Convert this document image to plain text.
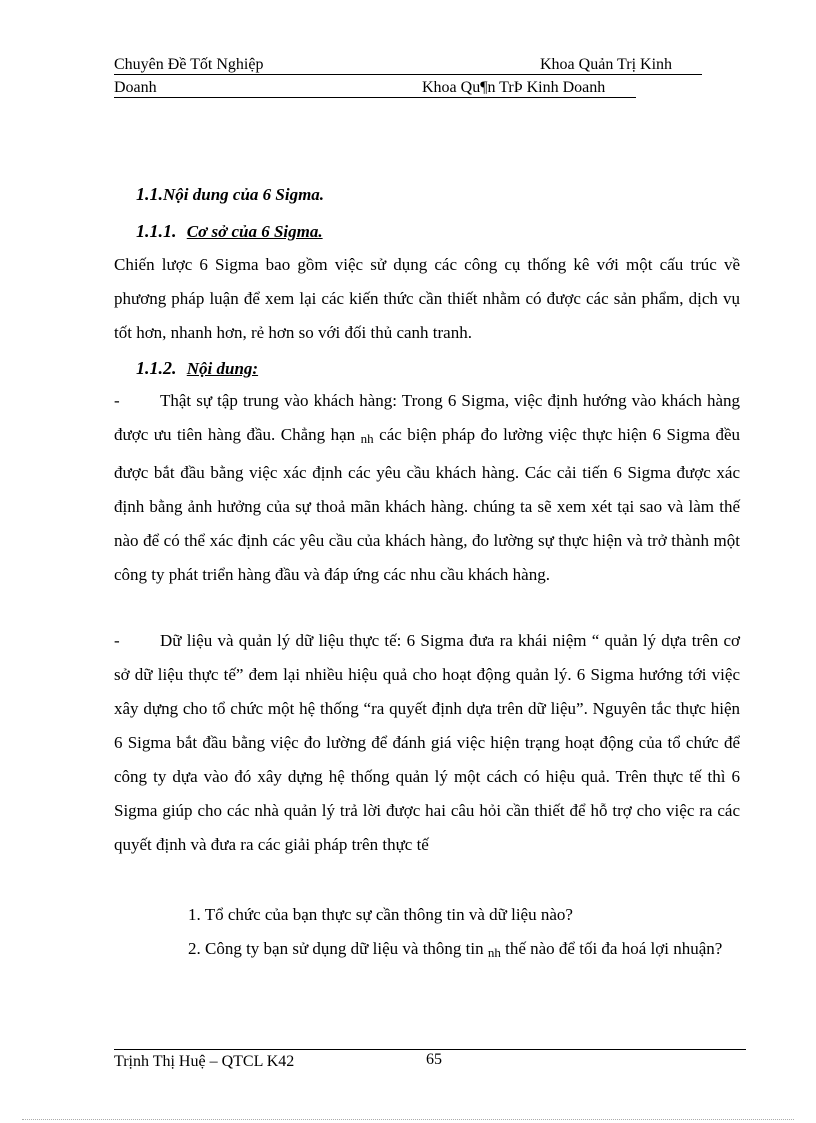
Chuyên Đề Tốt Nghiệp	Khoa Quản Trị Kinh
Doanh	Khoa Qu¶n TrÞ Kinh Doanh
1.1.Nội dung của 6 Sigma.
1.1.1. Cơ sở của 6 Sigma.
Chiến lược 6 Sigma bao gồm việc sử dụng các công cụ thống kê với một cấu trúc về phương pháp luận để xem lại các kiến thức cần thiết nhằm có được các sản phẩm, dịch vụ tốt hơn, nhanh hơn, rẻ hơn so với đối thủ canh tranh.
1.1.2. Nội dung:
- Thật sự tập trung vào khách hàng: Trong 6 Sigma, việc định hướng vào khách hàng được ưu tiên hàng đầu. Chẳng hạn nh các biện pháp đo lường việc thực hiện 6 Sigma đều được bắt đầu bằng việc xác định các yêu cầu khách hàng. Các cải tiến 6 Sigma được xác định bằng ảnh hưởng của sự thoả mãn khách hàng. chúng ta sẽ xem xét tại sao và làm thế nào để có thể xác định các yêu cầu của khách hàng, đo lường sự thực hiện và trở thành một công ty phát triển hàng đầu và đáp ứng các nhu cầu khách hàng.
- Dữ liệu và quản lý dữ liệu thực tế: 6 Sigma đưa ra khái niệm “ quản lý dựa trên cơ sở dữ liệu thực tế” đem lại nhiều hiệu quả cho hoạt động quản lý. 6 Sigma hướng tới việc xây dựng cho tổ chức một hệ thống “ra quyết định dựa trên dữ liệu”. Nguyên tắc thực hiện 6 Sigma bắt đầu bằng việc đo lường để đánh giá việc hiện trạng hoạt động của tổ chức để công ty dựa vào đó xây dựng hệ thống quản lý một cách có hiệu quả. Trên thực tế thì 6 Sigma giúp cho các nhà quản lý trả lời được hai câu hỏi cần thiết để hỗ trợ cho việc ra các quyết định và đưa ra các giải pháp trên thực tế
1. Tổ chức của bạn thực sự cần thông tin và dữ liệu nào?
2. Công ty bạn sử dụng dữ liệu và thông tin nh thế nào để tối đa hoá lợi nhuận?
Trịnh Thị Huệ – QTCL K42	65
